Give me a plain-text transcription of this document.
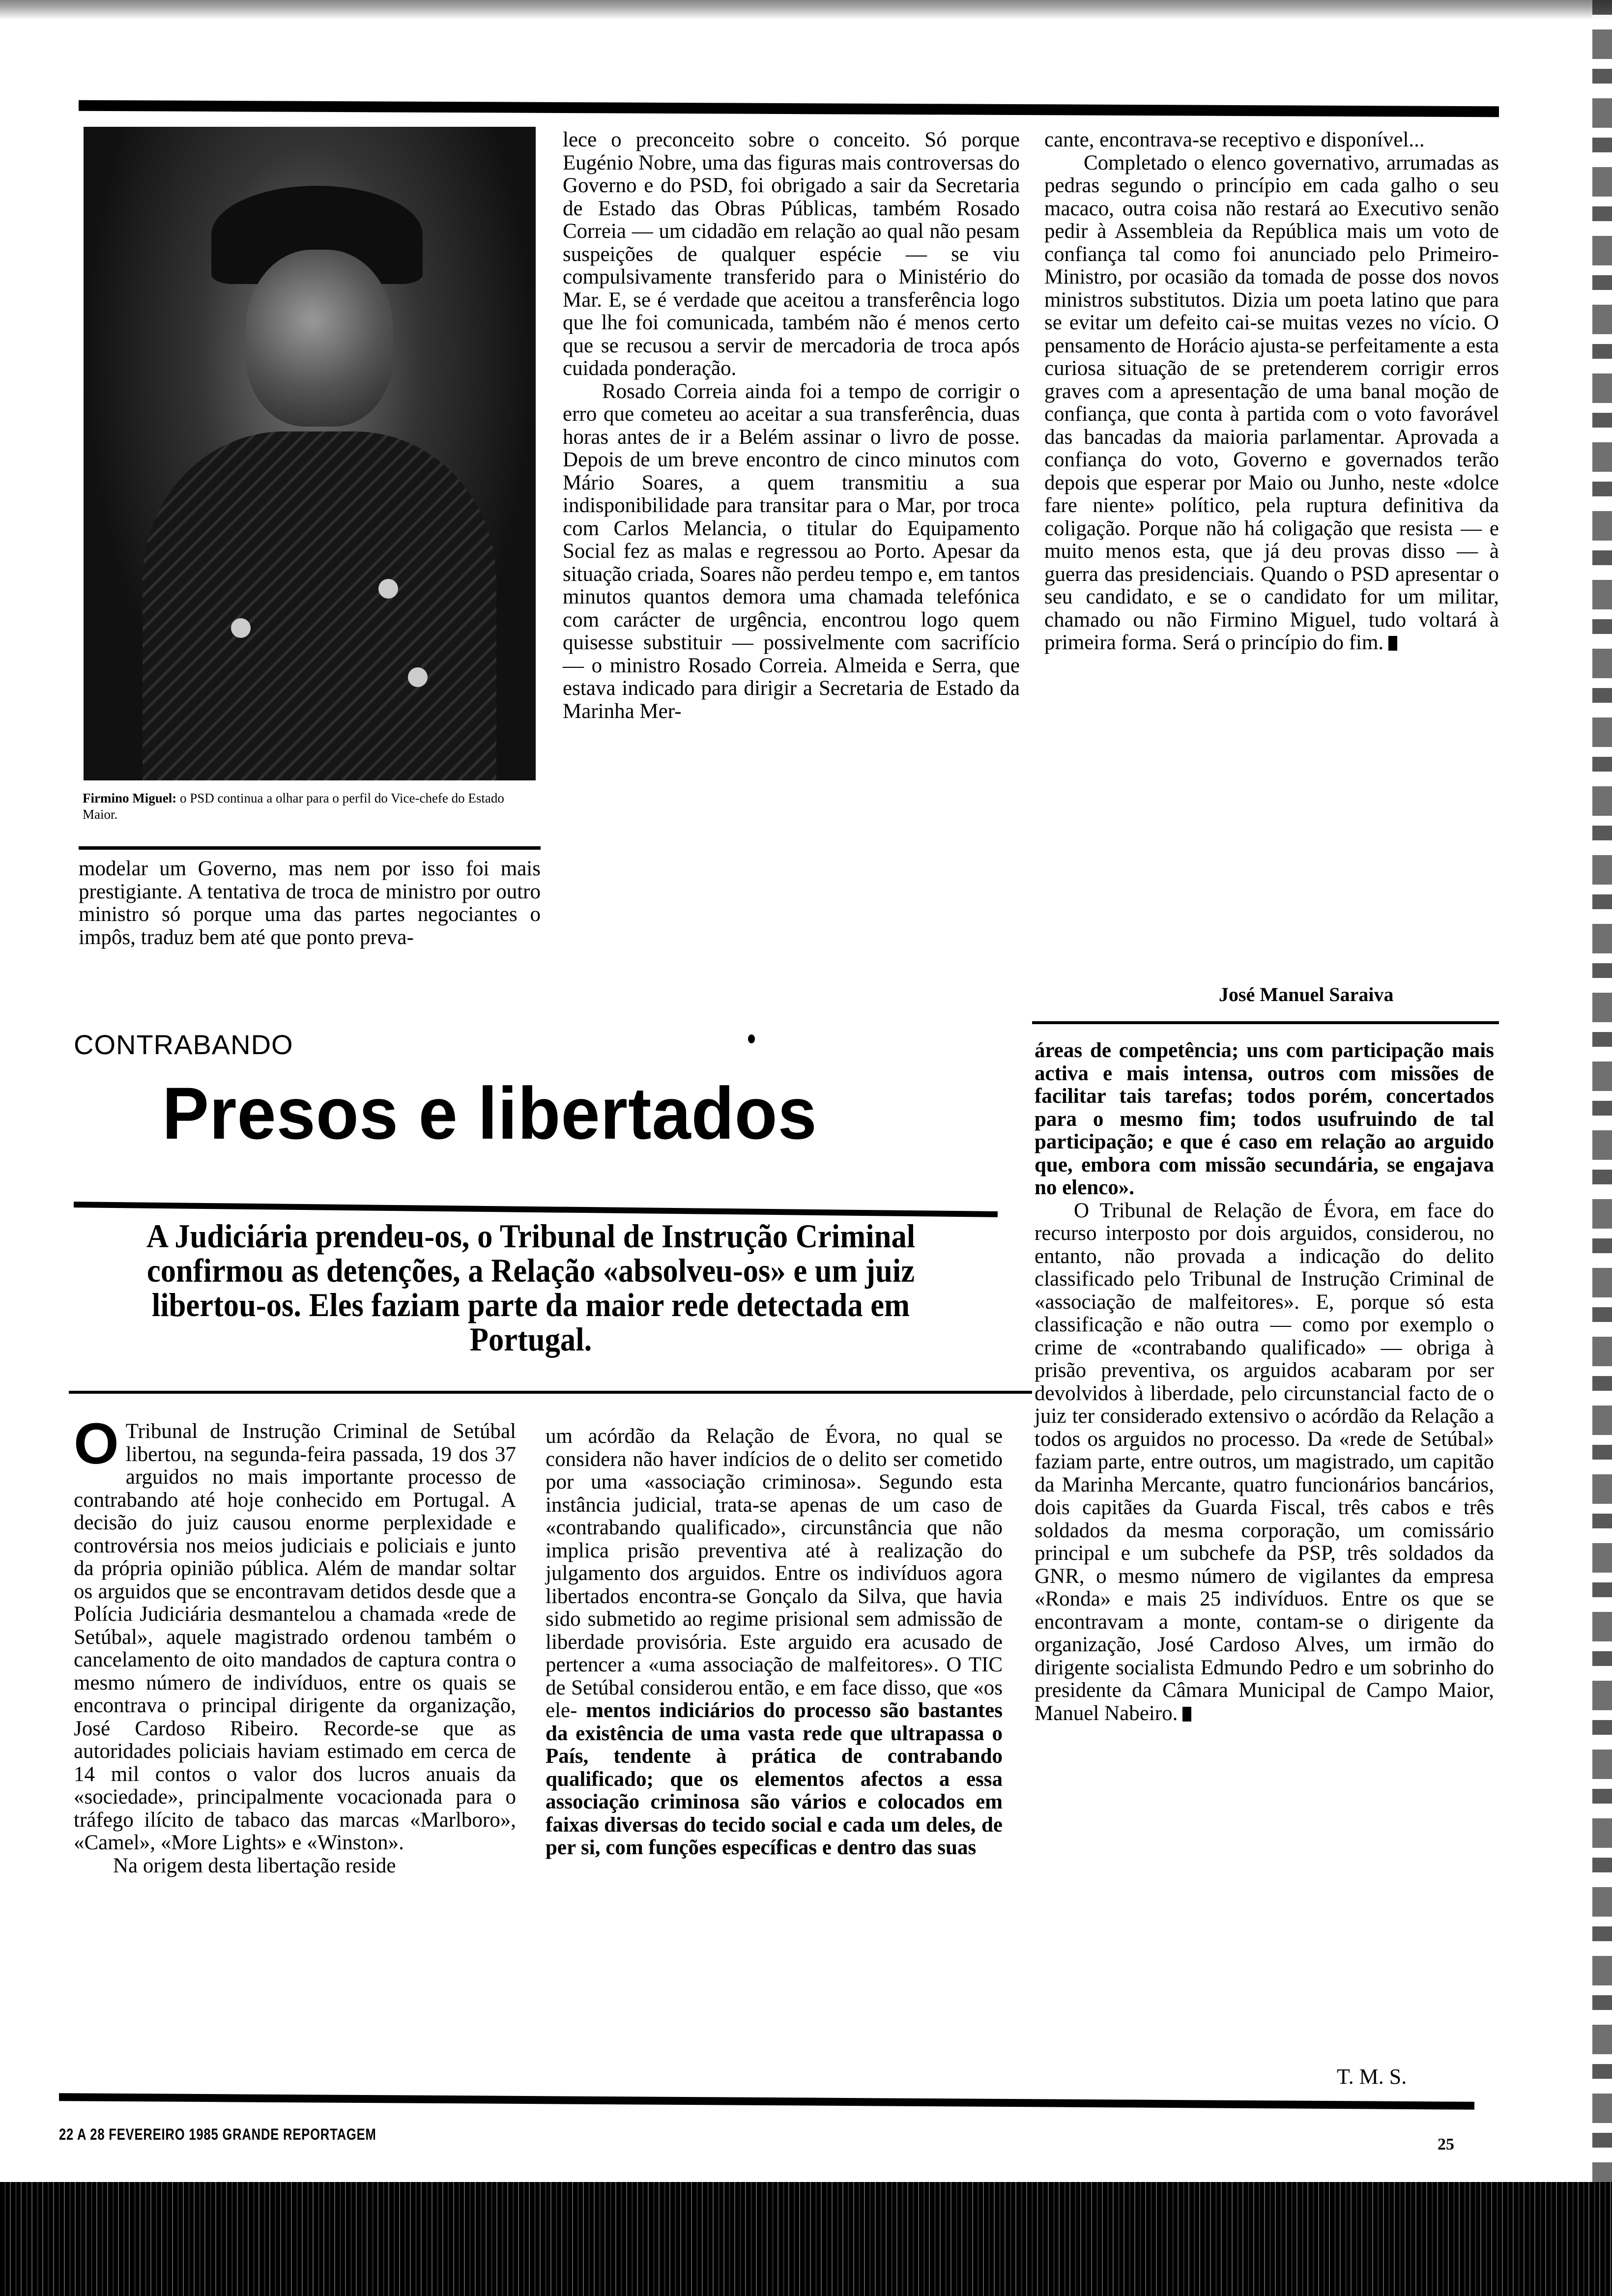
Firmino Miguel: o PSD continua a olhar para o perfil do Vice-chefe do Estado Maior.

modelar um Governo, mas nem por isso foi mais prestigiante. A tentativa de troca de ministro por outro ministro só porque uma das partes negociantes o impôs, traduz bem até que ponto preva-

lece o preconceito sobre o conceito. Só porque Eugénio Nobre, uma das figuras mais controversas do Governo e do PSD, foi obrigado a sair da Secretaria de Estado das Obras Públicas, também Rosado Correia — um cidadão em relação ao qual não pesam suspeições de qualquer espécie — se viu compulsivamente transferido para o Ministério do Mar. E, se é verdade que aceitou a transferência logo que lhe foi comunicada, também não é menos certo que se recusou a servir de mercadoria de troca após cuidada ponderação.

Rosado Correia ainda foi a tempo de corrigir o erro que cometeu ao aceitar a sua transferência, duas horas antes de ir a Belém assinar o livro de posse. Depois de um breve encontro de cinco minutos com Mário Soares, a quem transmitiu a sua indisponibilidade para transitar para o Mar, por troca com Carlos Melancia, o titular do Equipamento Social fez as malas e regressou ao Porto. Apesar da situação criada, Soares não perdeu tempo e, em tantos minutos quantos demora uma chamada telefónica com carácter de urgência, encontrou logo quem quisesse substituir — possivelmente com sacrifício — o ministro Rosado Correia. Almeida e Serra, que estava indicado para dirigir a Secretaria de Estado da Marinha Mer-

cante, encontrava-se receptivo e disponível...

Completado o elenco governativo, arrumadas as pedras segundo o princípio em cada galho o seu macaco, outra coisa não restará ao Executivo senão pedir à Assembleia da República mais um voto de confiança tal como foi anunciado pelo Primeiro-Ministro, por ocasião da tomada de posse dos novos ministros substitutos. Dizia um poeta latino que para se evitar um defeito cai-se muitas vezes no vício. O pensamento de Horácio ajusta-se perfeitamente a esta curiosa situação de se pretenderem corrigir erros graves com a apresentação de uma banal moção de confiança, que conta à partida com o voto favorável das bancadas da maioria parlamentar. Aprovada a confiança do voto, Governo e governados terão depois que esperar por Maio ou Junho, neste «dolce fare niente» político, pela ruptura definitiva da coligação. Porque não há coligação que resista — e muito menos esta, que já deu provas disso — à guerra das presidenciais. Quando o PSD apresentar o seu candidato, e se o candidato for um militar, chamado ou não Firmino Miguel, tudo voltará à primeira forma. Será o princípio do fim.

José Manuel Saraiva
CONTRABANDO
Presos e libertados
A Judiciária prendeu-os, o Tribunal de Instrução Criminal confirmou as detenções, a Relação «absolveu-os» e um juiz libertou-os. Eles faziam parte da maior rede detectada em Portugal.

O Tribunal de Instrução Criminal de Setúbal libertou, na segunda-feira passada, 19 dos 37 arguidos no mais importante processo de contrabando até hoje conhecido em Portugal. A decisão do juiz causou enorme perplexidade e controvérsia nos meios judiciais e policiais e junto da própria opinião pública. Além de mandar soltar os arguidos que se encontravam detidos desde que a Polícia Judiciária desmantelou a chamada «rede de Setúbal», aquele magistrado ordenou também o cancelamento de oito mandados de captura contra o mesmo número de indivíduos, entre os quais se encontrava o principal dirigente da organização, José Cardoso Ribeiro. Recorde-se que as autoridades policiais haviam estimado em cerca de 14 mil contos o valor dos lucros anuais da «sociedade», principalmente vocacionada para o tráfego ilícito de tabaco das marcas «Marlboro», «Camel», «More Lights» e «Winston».

Na origem desta libertação reside

um acórdão da Relação de Évora, no qual se considera não haver indícios de o delito ser cometido por uma «associação criminosa». Segundo esta instância judicial, trata-se apenas de um caso de «contrabando qualificado», circunstância que não implica prisão preventiva até à realização do julgamento dos arguidos. Entre os indivíduos agora libertados encontra-se Gonçalo da Silva, que havia sido submetido ao regime prisional sem admissão de liberdade provisória. Este arguido era acusado de pertencer a «uma associação de malfeitores». O TIC de Setúbal considerou então, e em face disso, que «os ele- mentos indiciários do processo são bastantes da existência de uma vasta rede que ultrapassa o País, tendente à prática de contrabando qualificado; que os elementos afectos a essa associação criminosa são vários e colocados em faixas diversas do tecido social e cada um deles, de per si, com funções específicas e dentro das suas

áreas de competência; uns com participação mais activa e mais intensa, outros com missões de facilitar tais tarefas; todos porém, concertados para o mesmo fim; todos usufruindo de tal participação; e que é caso em relação ao arguido que, embora com missão secundária, se engajava no elenco».

O Tribunal de Relação de Évora, em face do recurso interposto por dois arguidos, considerou, no entanto, não provada a indicação do delito classificado pelo Tribunal de Instrução Criminal de «associação de malfeitores». E, porque só esta classificação e não outra — como por exemplo o crime de «contrabando qualificado» — obriga à prisão preventiva, os arguidos acabaram por ser devolvidos à liberdade, pelo circunstancial facto de o juiz ter considerado extensivo o acórdão da Relação a todos os arguidos no processo. Da «rede de Setúbal» faziam parte, entre outros, um magistrado, um capitão da Marinha Mercante, quatro funcionários bancários, dois capitães da Guarda Fiscal, três cabos e três soldados da mesma corporação, um comissário principal e um subchefe da PSP, três soldados da GNR, o mesmo número de vigilantes da empresa «Ronda» e mais 25 indivíduos. Entre os que se encontravam a monte, contam-se o dirigente da organização, José Cardoso Alves, um irmão do dirigente socialista Edmundo Pedro e um sobrinho do presidente da Câmara Municipal de Campo Maior, Manuel Nabeiro.

T. M. S.
22 A 28 FEVEREIRO 1985 GRANDE REPORTAGEM
25
